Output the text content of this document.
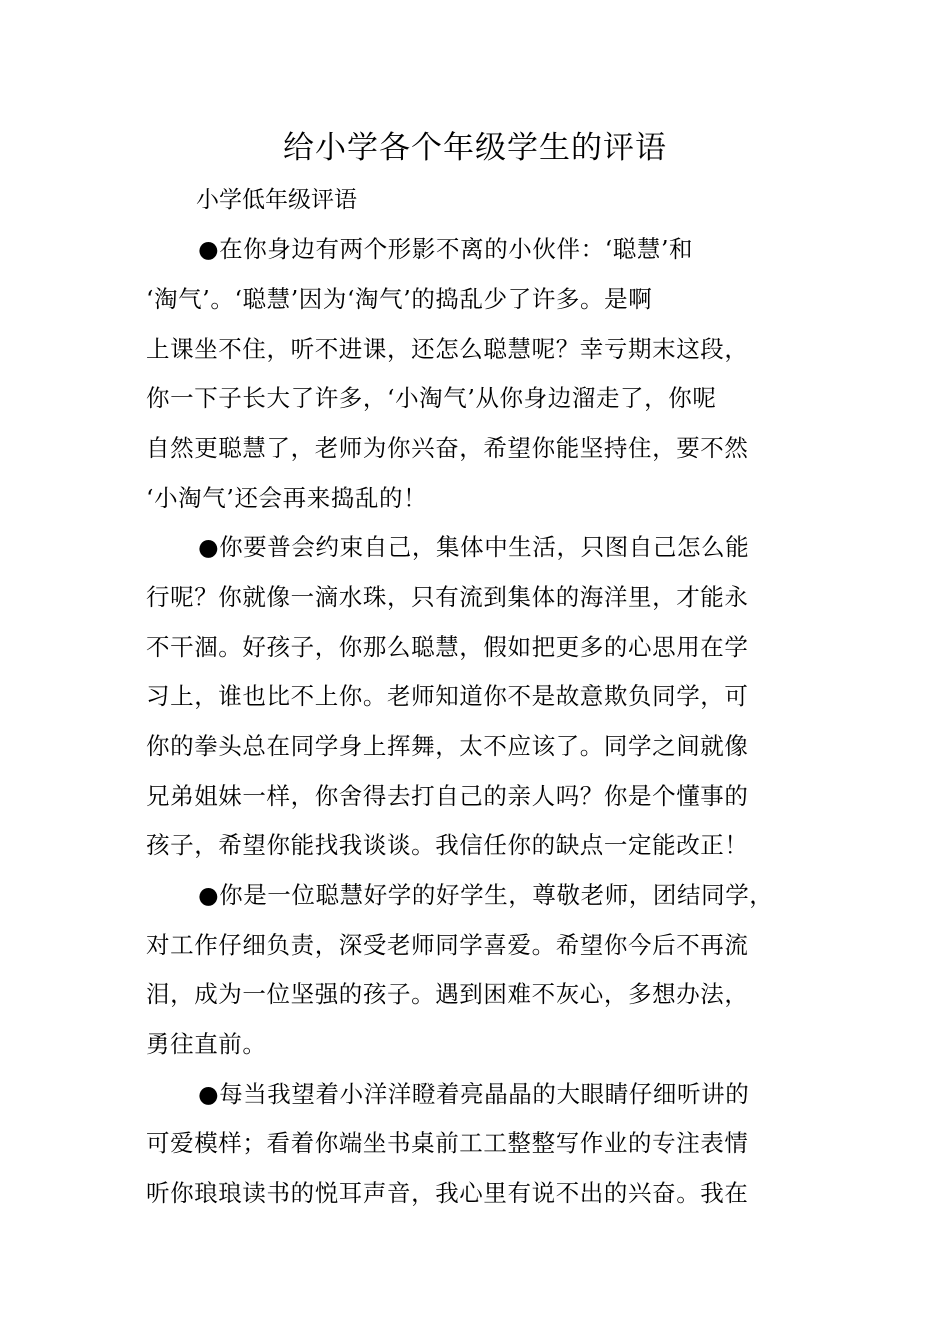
给小学各个年级学生的评语
小学低年级评语
●在你身边有两个形影不离的小伙伴：‘聪慧’和
‘淘气’。‘聪慧’因为‘淘气’的捣乱少了许多。是啊
上课坐不住，听不进课，还怎么聪慧呢？幸亏期末这段，
你一下子长大了许多，‘小淘气’从你身边溜走了，你呢
自然更聪慧了，老师为你兴奋，希望你能坚持住，要不然
‘小淘气’还会再来捣乱的！
●你要普会约束自己，集体中生活，只图自己怎么能
行呢？你就像一滴水珠，只有流到集体的海洋里，才能永
不干涸。好孩子，你那么聪慧，假如把更多的心思用在学
习上，谁也比不上你。老师知道你不是故意欺负同学，可
你的拳头总在同学身上挥舞，太不应该了。同学之间就像
兄弟姐妹一样，你舍得去打自己的亲人吗？你是个懂事的
孩子，希望你能找我谈谈。我信任你的缺点一定能改正！
●你是一位聪慧好学的好学生，尊敬老师，团结同学，
对工作仔细负责，深受老师同学喜爱。希望你今后不再流
泪，成为一位坚强的孩子。遇到困难不灰心，多想办法，
勇往直前。
●每当我望着小洋洋瞪着亮晶晶的大眼睛仔细听讲的
可爱模样；看着你端坐书桌前工工整整写作业的专注表情
听你琅琅读书的悦耳声音，我心里有说不出的兴奋。我在
